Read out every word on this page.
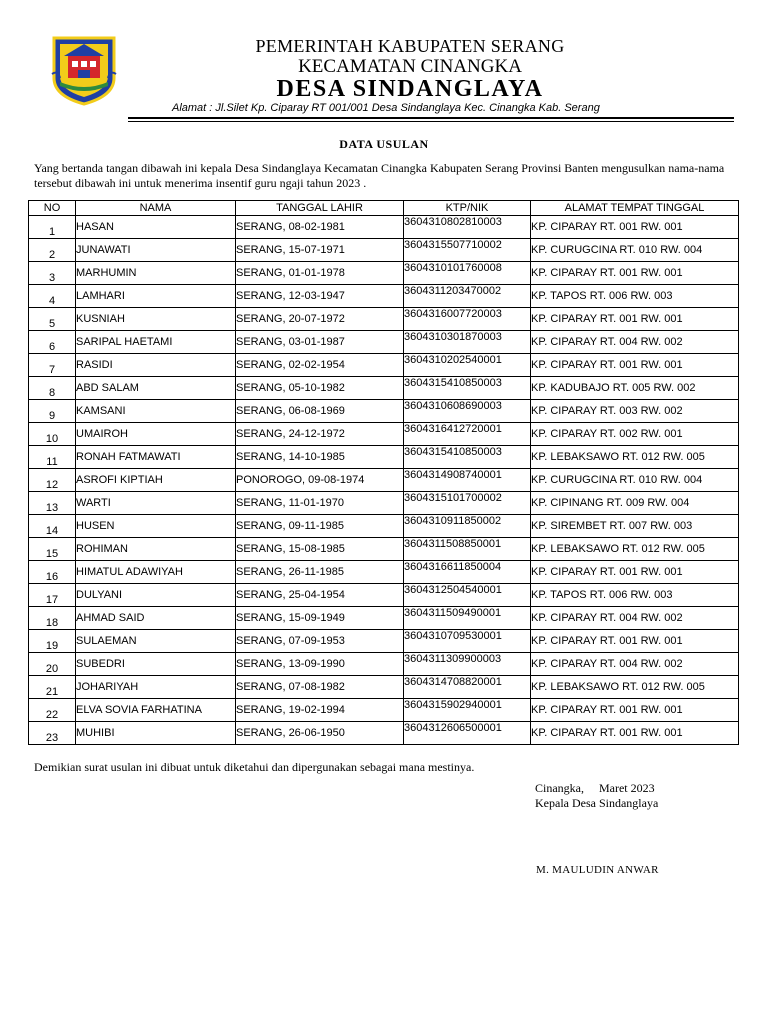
PEMERINTAH KABUPATEN SERANG
KECAMATAN CINANGKA
DESA SINDANGLAYA
Alamat : Jl.Silet Kp. Ciparay RT 001/001 Desa Sindanglaya Kec. Cinangka Kab. Serang
DATA USULAN
Yang bertanda tangan dibawah ini kepala Desa Sindanglaya Kecamatan Cinangka Kabupaten Serang Provinsi Banten mengusulkan nama-nama tersebut dibawah ini untuk menerima insentif guru ngaji tahun 2023 .
NO	NAMA	TANGGAL LAHIR	KTP/NIK	ALAMAT TEMPAT TINGGAL
1	HASAN	SERANG, 08-02-1981	3604310802810003	KP. CIPARAY RT. 001 RW. 001
2	JUNAWATI	SERANG, 15-07-1971	3604315507710002	KP. CURUGCINA RT. 010 RW. 004
3	MARHUMIN	SERANG, 01-01-1978	3604310101760008	KP. CIPARAY RT. 001 RW. 001
4	LAMHARI	SERANG, 12-03-1947	3604311203470002	KP. TAPOS RT. 006 RW. 003
5	KUSNIAH	SERANG, 20-07-1972	3604316007720003	KP. CIPARAY RT. 001 RW. 001
6	SARIPAL HAETAMI	SERANG, 03-01-1987	3604310301870003	KP. CIPARAY RT. 004 RW. 002
7	RASIDI	SERANG, 02-02-1954	3604310202540001	KP. CIPARAY RT. 001 RW. 001
8	ABD SALAM	SERANG, 05-10-1982	3604315410850003	KP. KADUBAJO RT. 005 RW. 002
9	KAMSANI	SERANG, 06-08-1969	3604310608690003	KP. CIPARAY RT. 003 RW. 002
10	UMAIROH	SERANG, 24-12-1972	3604316412720001	KP. CIPARAY RT. 002 RW. 001
11	RONAH FATMAWATI	SERANG, 14-10-1985	3604315410850003	KP. LEBAKSAWO RT. 012 RW. 005
12	ASROFI KIPTIAH	PONOROGO, 09-08-1974	3604314908740001	KP. CURUGCINA RT. 010 RW. 004
13	WARTI	SERANG, 11-01-1970	3604315101700002	KP. CIPINANG RT. 009 RW. 004
14	HUSEN	SERANG, 09-11-1985	3604310911850002	KP. SIREMBET RT. 007 RW. 003
15	ROHIMAN	SERANG, 15-08-1985	3604311508850001	KP. LEBAKSAWO RT. 012 RW. 005
16	HIMATUL ADAWIYAH	SERANG, 26-11-1985	3604316611850004	KP. CIPARAY RT. 001 RW. 001
17	DULYANI	SERANG, 25-04-1954	3604312504540001	KP. TAPOS RT. 006 RW. 003
18	AHMAD SAID	SERANG, 15-09-1949	3604311509490001	KP. CIPARAY RT. 004 RW. 002
19	SULAEMAN	SERANG, 07-09-1953	3604310709530001	KP. CIPARAY RT. 001 RW. 001
20	SUBEDRI	SERANG, 13-09-1990	3604311309900003	KP. CIPARAY RT. 004 RW. 002
21	JOHARIYAH	SERANG, 07-08-1982	3604314708820001	KP. LEBAKSAWO RT. 012 RW. 005
22	ELVA SOVIA FARHATINA	SERANG, 19-02-1994	3604315902940001	KP. CIPARAY RT. 001 RW. 001
23	MUHIBI	SERANG, 26-06-1950	3604312606500001	KP. CIPARAY RT. 001 RW. 001
Demikian surat usulan ini dibuat untuk diketahui dan dipergunakan sebagai mana mestinya.
Cinangka,     Maret 2023
Kepala Desa Sindanglaya
M. MAULUDIN ANWAR
